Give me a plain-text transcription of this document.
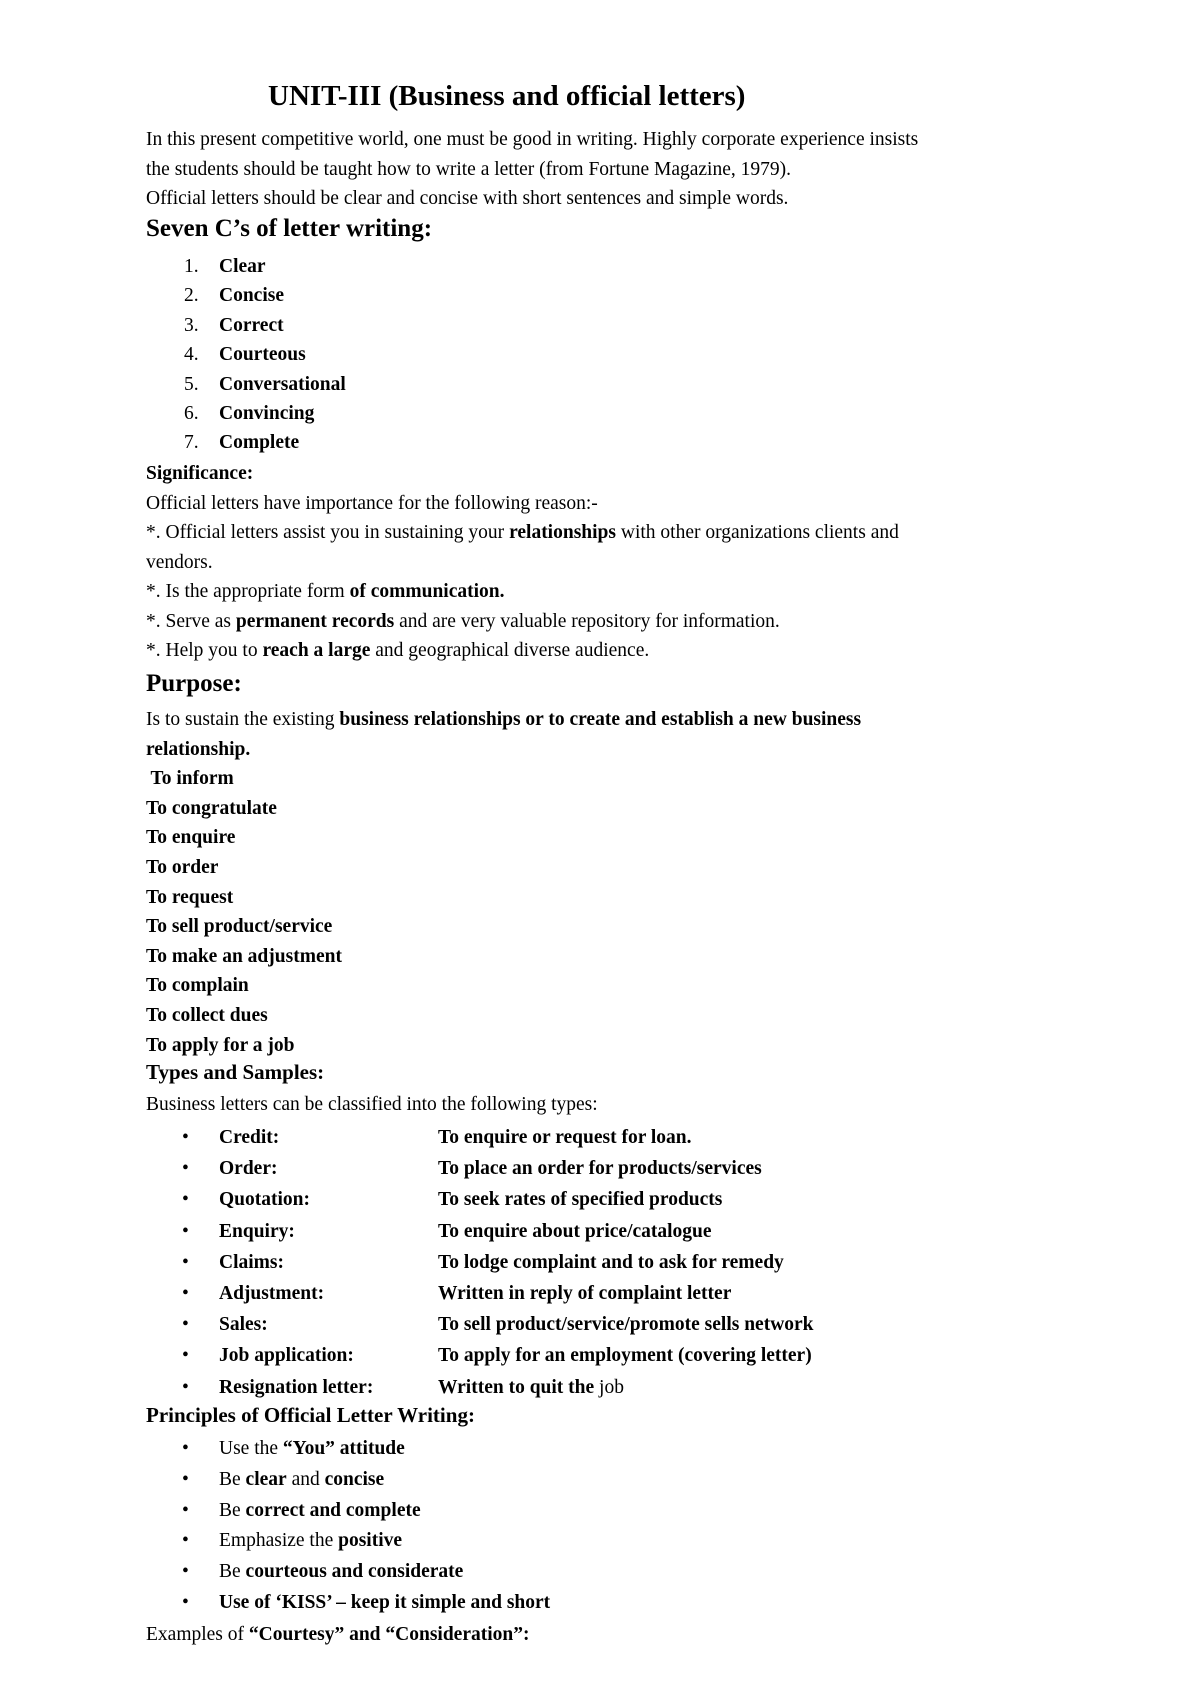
UNIT-III (Business and official letters)

In this present competitive world, one must be good in writing. Highly corporate experience insists
the students should be taught how to write a letter (from Fortune Magazine, 1979).
Official letters should be clear and concise with short sentences and simple words.

Seven C’s of letter writing:
1. Clear
2. Concise
3. Correct
4. Courteous
5. Conversational
6. Convincing
7. Complete
Significance:
Official letters have importance for the following reason:-
*. Official letters assist you in sustaining your relationships with other organizations clients and
vendors.
*. Is the appropriate form of communication.
*. Serve as permanent records and are very valuable repository for information.
*. Help you to reach a large and geographical diverse audience.
Purpose:
Is to sustain the existing business relationships or to create and establish a new business
relationship.
To inform
To congratulate
To enquire
To order
To request
To sell product/service
To make an adjustment
To complain
To collect dues
To apply for a job
Types and Samples:

Business letters can be classified into the following types:

• Credit:	To enquire or request for loan.
• Order:	To place an order for products/services
• Quotation:	To seek rates of specified products
• Enquiry:	To enquire about price/catalogue
• Claims:	To lodge complaint and to ask for remedy
• Adjustment:	Written in reply of complaint letter
• Sales:	To sell product/service/promote sells network
• Job application:	To apply for an employment (covering letter)
• Resignation letter:	Written to quit the job
Principles of Official Letter Writing:
• Use the “You” attitude
• Be clear and concise
• Be correct and complete
• Emphasize the positive
• Be courteous and considerate
• Use of ‘KISS’ – keep it simple and short

Examples of “Courtesy” and “Consideration”:
